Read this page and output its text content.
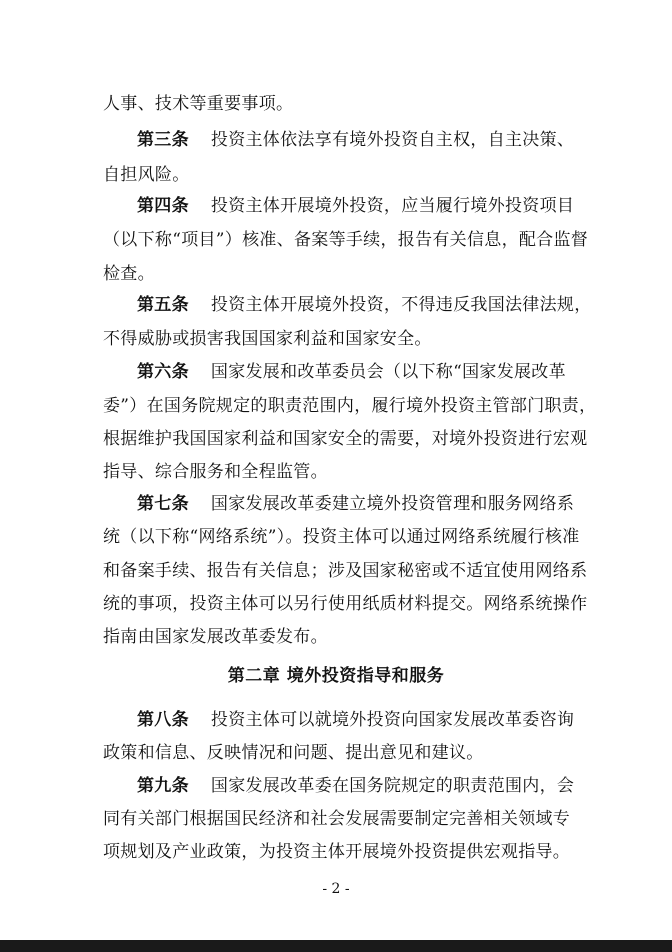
人事、技术等重要事项。
第三条 投资主体依法享有境外投资自主权，自主决策、
自担风险。
第四条 投资主体开展境外投资，应当履行境外投资项目
（以下称“项目”）核准、备案等手续，报告有关信息，配合监督
检查。
第五条 投资主体开展境外投资，不得违反我国法律法规，
不得威胁或损害我国国家利益和国家安全。
第六条 国家发展和改革委员会（以下称“国家发展改革
委”）在国务院规定的职责范围内，履行境外投资主管部门职责，
根据维护我国国家利益和国家安全的需要，对境外投资进行宏观
指导、综合服务和全程监管。
第七条 国家发展改革委建立境外投资管理和服务网络系
统（以下称“网络系统”）。投资主体可以通过网络系统履行核准
和备案手续、报告有关信息；涉及国家秘密或不适宜使用网络系
统的事项，投资主体可以另行使用纸质材料提交。网络系统操作
指南由国家发展改革委发布。
第二章 境外投资指导和服务
第八条 投资主体可以就境外投资向国家发展改革委咨询
政策和信息、反映情况和问题、提出意见和建议。
第九条 国家发展改革委在国务院规定的职责范围内，会
同有关部门根据国民经济和社会发展需要制定完善相关领域专
项规划及产业政策，为投资主体开展境外投资提供宏观指导。
- 2 -
